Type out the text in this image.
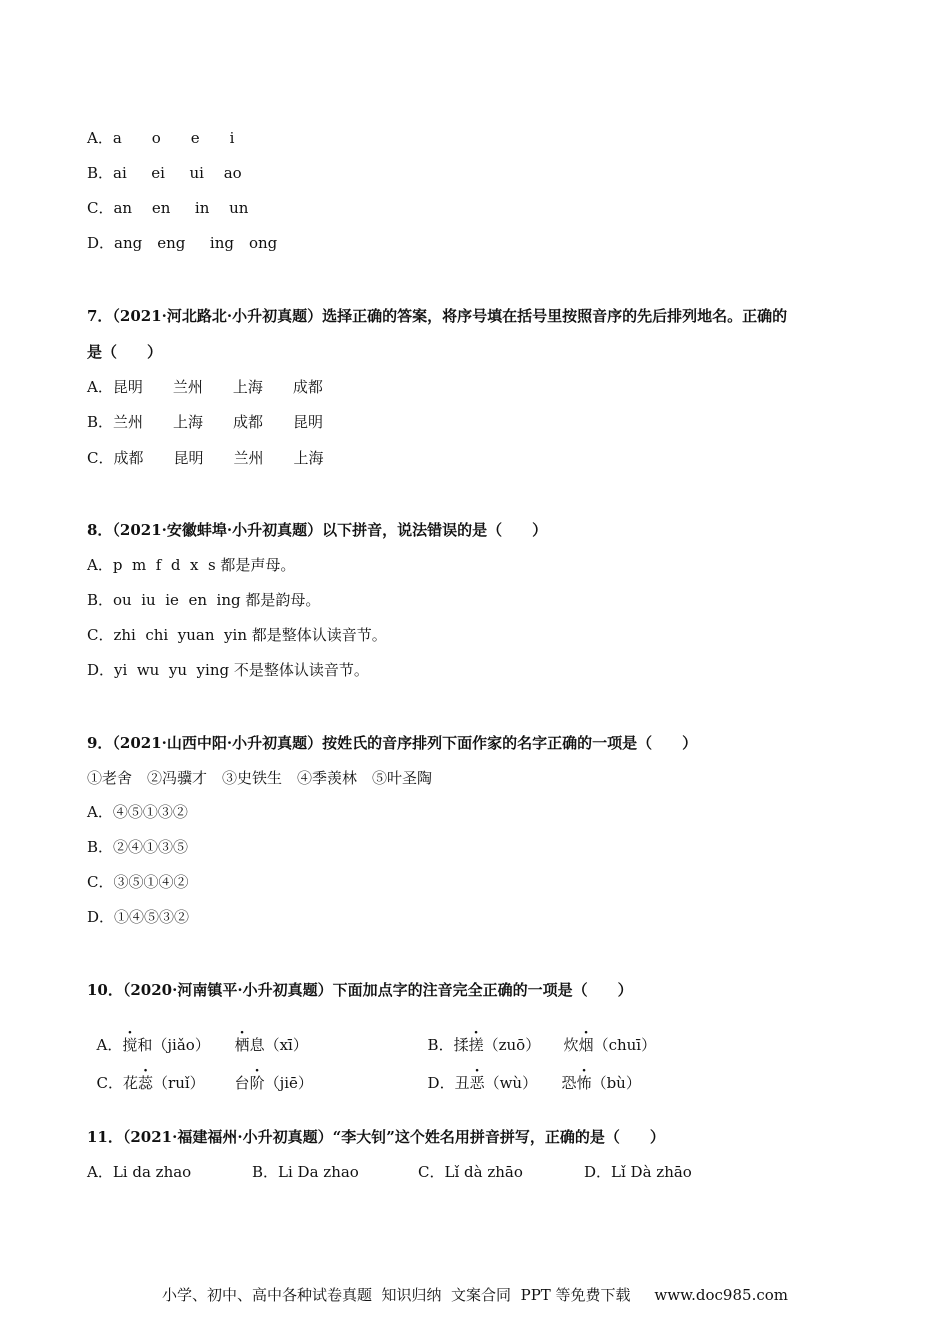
A．a　　o　　e　　i
B．ai　  ei　  ui　 ao
C．an　 en　  in　 un
D．ang　eng　  ing　ong
7．（2021·河北路北·小升初真题）选择正确的答案，将序号填在括号里按照音序的先后排列地名。正确的
是（　　）
A．昆明　　兰州　　上海　　成都
B．兰州　　上海　　成都　　昆明
C．成都　　昆明　　兰州　　上海
8．（2021·安徽蚌埠·小升初真题）以下拼音，说法错误的是（　　）
A．p  m  f  d  x  s 都是声母。
B．ou  iu  ie  en  ing 都是韵母。
C．zhi  chi  yuan  yin 都是整体认读音节。
D．yi  wu  yu  ying 不是整体认读音节。
9．（2021·山西中阳·小升初真题）按姓氏的音序排列下面作家的名字正确的一项是（　　）
①老舍　②冯骥才　③史铁生　④季羡林　⑤叶圣陶
A．④⑤①③②
B．②④①③⑤
C．③⑤①④②
D．①④⑤③②
10．（2020·河南镇平·小升初真题）下面加点字的注音完全正确的一项是（　　）

A．搅和（jiǎo）	栖息（xī）	B．揉搓（zuō）	炊烟（chuī）

C．花蕊（ruǐ）	台阶（jiē）	D．丑恶（wù）	恐怖（bù）

11．（2021·福建福州·小升初真题）“李大钊”这个姓名用拼音拼写，正确的是（　　）
A．Li da zhao	B．Li Da zhao	C．Lǐ dà zhāo	D．Lǐ Dà zhāo
小学、初中、高中各种试卷真题  知识归纳  文案合同  PPT 等免费下载     www.doc985.com
